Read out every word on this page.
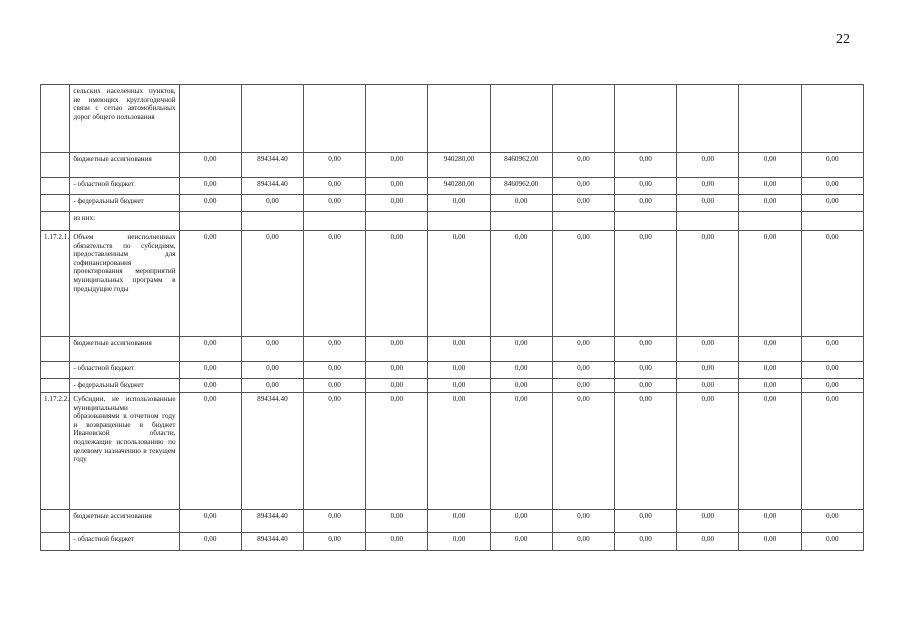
22
	сельских населенных пунктов, не имеющих круглогодичной связи с сетью автомобильных дорог общего пользования											
	бюджетные ассигнования	0,00	894344.40	0,00	0,00	940280,00	8460962,00	0,00	0,00	0,00	0,00	0,00
	- областной бюджет	0,00	894344.40	0,00	0,00	940280,00	8460962,00	0,00	0,00	0,00	0,00	0,00
	- федеральный бюджет	0,00	0,00	0,00	0,00	0,00	0,00	0,00	0,00	0,00	0,00	0,00
	из них:											
1.17.2.1.	Объем неисполненных обязательств по субсидиям, предоставленным для софинансирования проектирования мероприятий муниципальных программ в предыдущие годы	0,00	0,00	0,00	0,00	0,00	0,00	0,00	0,00	0,00	0,00	0,00
	бюджетные ассигнования	0,00	0,00	0,00	0,00	0,00	0,00	0,00	0,00	0,00	0,00	0,00
	- областной бюджет	0,00	0,00	0,00	0,00	0,00	0,00	0,00	0,00	0,00	0,00	0,00
	- федеральный бюджет	0,00	0,00	0,00	0,00	0,00	0,00	0,00	0,00	0,00	0,00	0,00
1.17.2.2.	Субсидии, не использованные муниципальными образованиями в отчетном году и возвращенные в бюджет Ивановской области, подлежащие использованию по целевому назначению в текущем году	0,00	894344.40	0,00	0,00	0,00	0,00	0,00	0,00	0,00	0,00	0,00
	бюджетные ассигнования	0,00	894344.40	0,00	0,00	0,00	0,00	0,00	0,00	0,00	0,00	0,00
	- областной бюджет	0,00	894344.40	0,00	0,00	0,00	0,00	0,00	0,00	0,00	0,00	0,00
